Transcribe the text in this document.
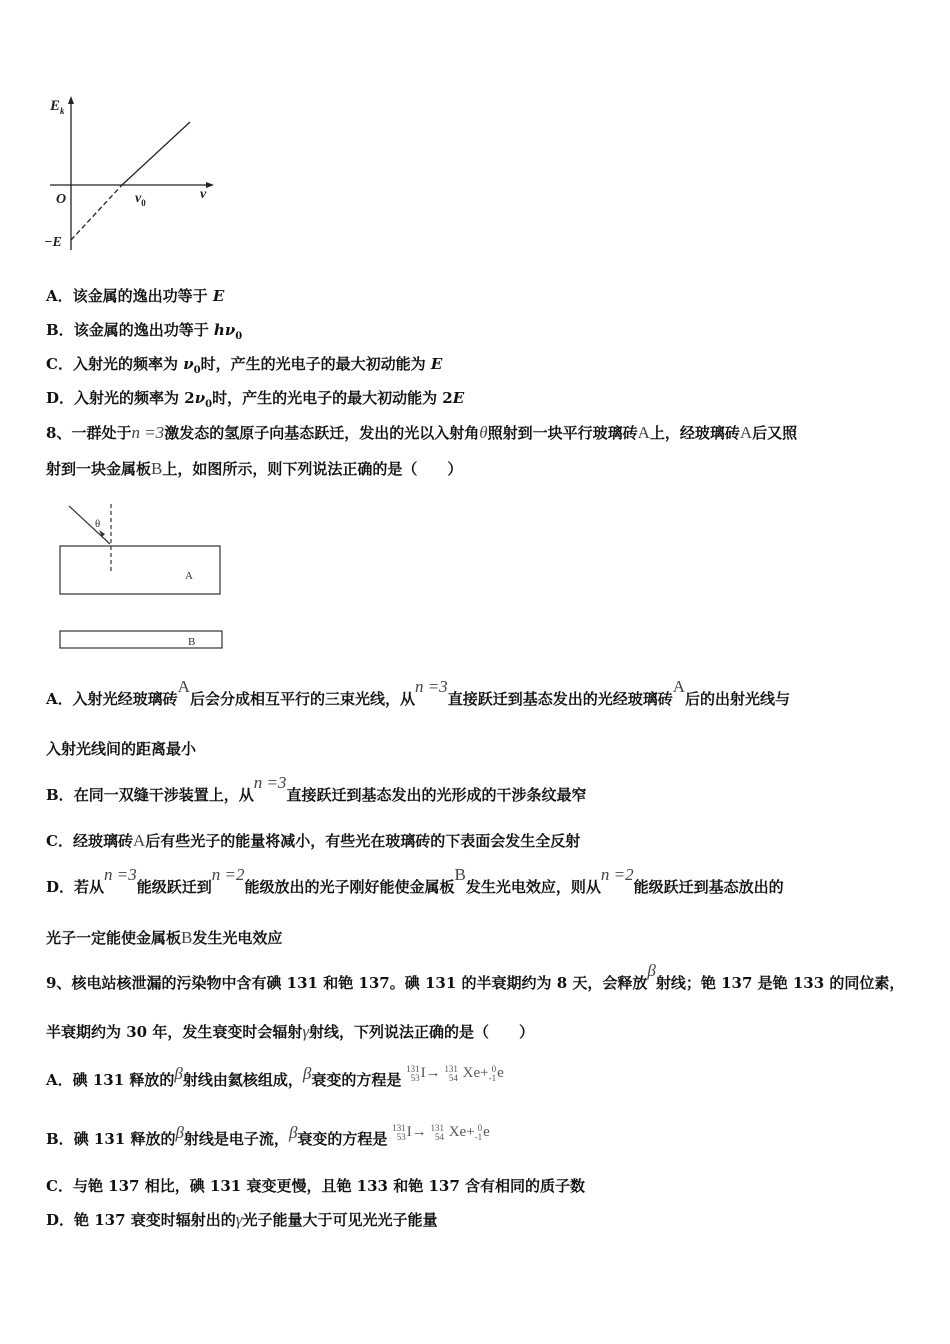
$E_k$
O	$\nu_0$
ν
−E
A．该金属的逸出功等于 E
B．该金属的逸出功等于 $h\nu_0$
C．入射光的频率为 $\nu_0$时，产生的光电子的最大初动能为 E
D．入射光的频率为 $2\nu_0$时，产生的光电子的最大初动能为 2E
8、一群处于n =3激发态的氢原子向基态跃迁，发出的光以入射角θ照射到一块平行玻璃砖A上，经玻璃砖A后又照
射到一块金属板B上，如图所示，则下列说法正确的是（　　）
θ
A
B
A．入射光经玻璃砖A后会分成相互平行的三束光线，从n =3直接跃迁到基态发出的光经玻璃砖A后的出射光线与
入射光线间的距离最小
B．在同一双缝干涉装置上，从n =3直接跃迁到基态发出的光形成的干涉条纹最窄
C．经玻璃砖A后有些光子的能量将减小，有些光在玻璃砖的下表面会发生全反射
D．若从n =3能级跃迁到n =2能级放出的光子刚好能使金属板B发生光电效应，则从n =2能级跃迁到基态放出的
光子一定能使金属板B发生光电效应
9、核电站核泄漏的污染物中含有碘 131 和铯 137。碘 131 的半衰期约为 8 天，会释放β射线；铯 137 是铯 133 的同位素，
半衰期约为 30 年，发生衰变时会辐射γ射线，下列说法正确的是（　　）
A．碘 131 释放的β射线由氦核组成，β衰变的方程是 131
53I→ 131
54 Xe+ 0
-1e
B．碘 131 释放的β射线是电子流，β衰变的方程是 131
53I→ 131
54 Xe+ 0
-1e
C．与铯 137 相比，碘 131 衰变更慢，且铯 133 和铯 137 含有相同的质子数
D．铯 137 衰变时辐射出的γ光子能量大于可见光光子能量
